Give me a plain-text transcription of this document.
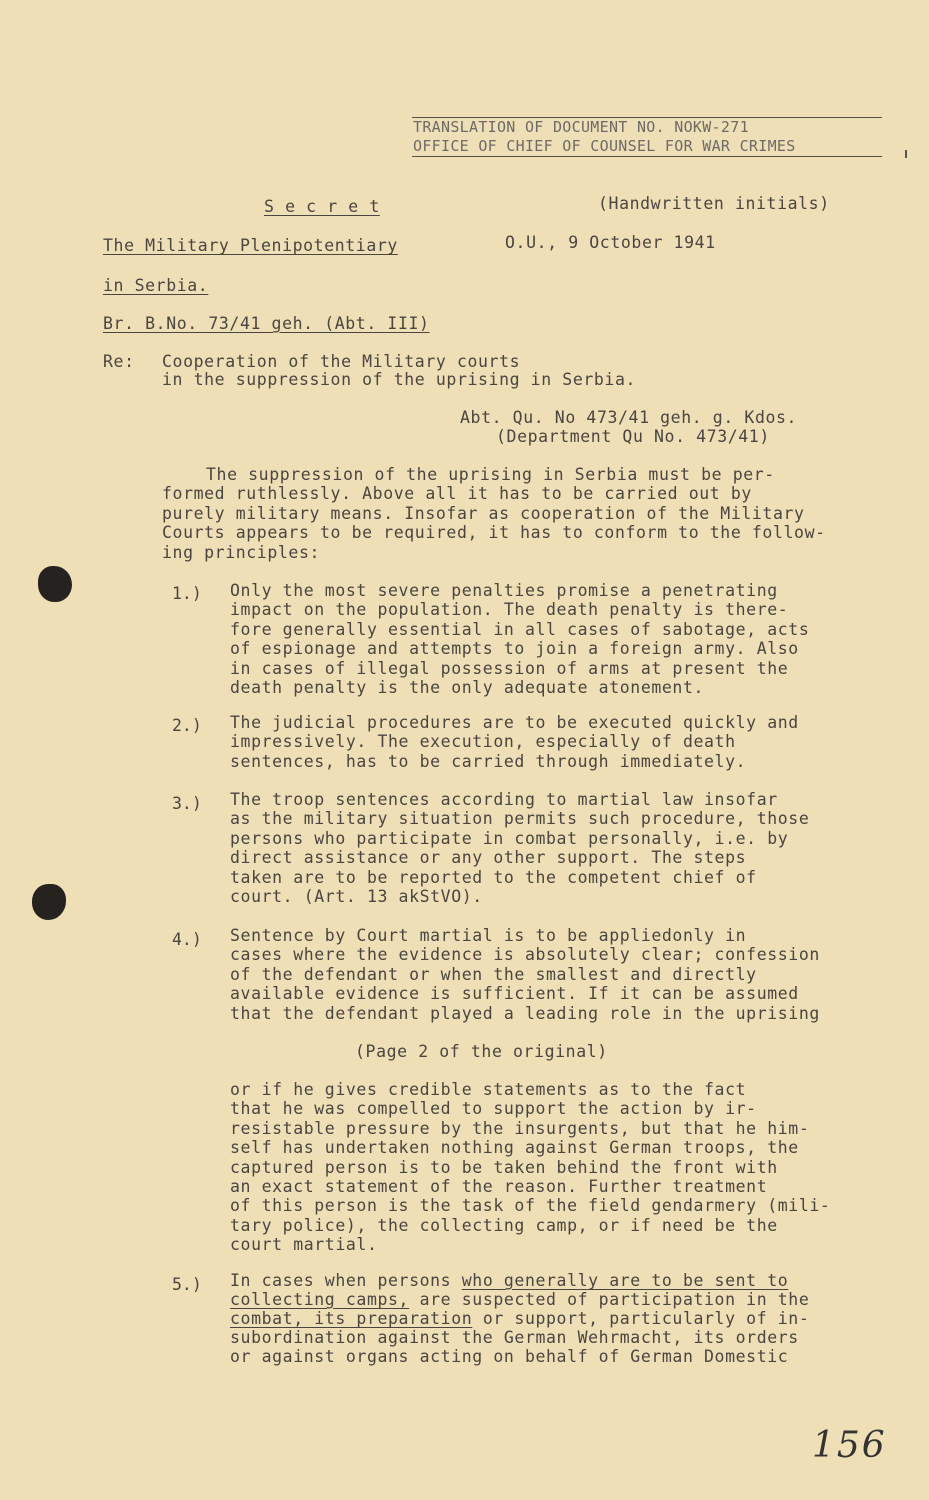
TRANSLATION OF DOCUMENT NO. NOKW-271
OFFICE OF CHIEF OF COUNSEL FOR WAR CRIMES
S e c r e t	(Handwritten initials)
The Military Plenipotentiary	O.U., 9 October 1941
in Serbia.
Br. B.No. 73/41 geh. (Abt. III)
Re: Cooperation of the Military courts
in the suppression of the uprising in Serbia.
Abt. Qu. No 473/41 geh. g. Kdos.
(Department Qu No. 473/41)
The suppression of the uprising in Serbia must be per-
formed ruthlessly. Above all it has to be carried out by
purely military means. Insofar as cooperation of the Military
Courts appears to be required, it has to conform to the follow-
ing principles:
1.) Only the most severe penalties promise a penetrating
impact on the population. The death penalty is there-
fore generally essential in all cases of sabotage, acts
of espionage and attempts to join a foreign army. Also
in cases of illegal possession of arms at present the
death penalty is the only adequate atonement.
2.) The judicial procedures are to be executed quickly and
impressively. The execution, especially of death
sentences, has to be carried through immediately.
3.) The troop sentences according to martial law insofar
as the military situation permits such procedure, those
persons who participate in combat personally, i.e. by
direct assistance or any other support. The steps
taken are to be reported to the competent chief of
court. (Art. 13 akStVO).
4.) Sentence by Court martial is to be appliedonly in
cases where the evidence is absolutely clear; confession
of the defendant or when the smallest and directly
available evidence is sufficient. If it can be assumed
that the defendant played a leading role in the uprising
(Page 2 of the original)
or if he gives credible statements as to the fact
that he was compelled to support the action by ir-
resistable pressure by the insurgents, but that he him-
self has undertaken nothing against German troops, the
captured person is to be taken behind the front with
an exact statement of the reason. Further treatment
of this person is the task of the field gendarmery (mili-
tary police), the collecting camp, or if need be the
court martial.
5.) In cases when persons who generally are to be sent to
collecting camps, are suspected of participation in the
combat, its preparation or support, particularly of in-
subordination against the German Wehrmacht, its orders
or against organs acting on behalf of German Domestic
156
